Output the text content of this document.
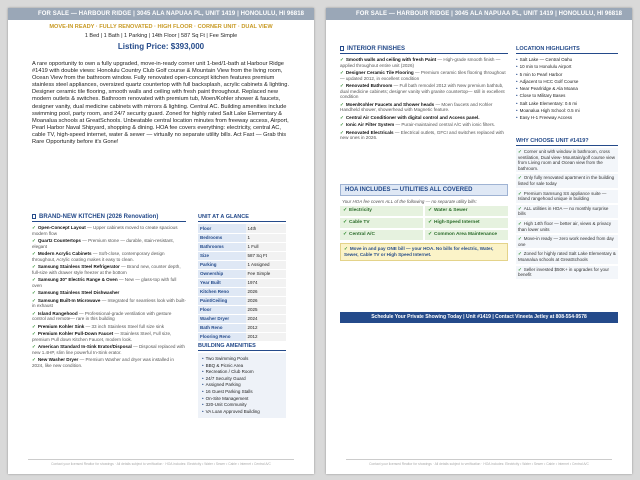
FOR SALE — HARBOUR RIDGE | 3045 ALA NAPUAA PL, UNIT 1419 | HONOLULU, HI 96818
MOVE-IN READY · FULLY RENOVATED · HIGH FLOOR · CORNER UNIT · DUAL VIEW
1 Bed | 1 Bath | 1 Parking | 14th Floor | 587 Sq Ft | Fee Simple
Listing Price: $393,000
A rare opportunity to own a fully upgraded, move-in-ready corner unit 1-bed/1-bath at Harbour Ridge #1419 with double views: Honolulu Country Club Golf course & Mountain View from the living room, Ocean View from the bathroom window. Fully renovated open-concept kitchen features premium stainless steel appliances, oversized quartz countertop with full backsplash, acrylic cabinets & lighting. Designer ceramic tile flooring, smooth walls and ceiling with fresh paint throughout. Replaced new modern outlets & switches. Bathroom renovated with premium tub, Moen/Kohler shower & faucets, designer vanity, dual medicine cabinets with mirrors & lighting. Central AC. Building amenities include swimming pool, party room, and 24/7 security guard. Zoned for highly rated Salt Lake Elementary & Moanalua schools at GreatSchools. Unbeatable central location minutes from freeway access, Airport, Pearl Harbor Naval Shipyard, shopping & dining. HOA fee covers everything: electricity, central AC, cable TV, high-speed internet, water & sewer — virtually no separate utility bills. Act Fast — Grab this Rare Opportunity before it's Gone!
BRAND-NEW KITCHEN (2026 Renovation)
✓ Open-Concept Layout — Upper cabinets moved to create spacious modern flow
✓ Quartz Countertops — Premium stone — durable, stain-resistant, elegant
✓ Modern Acrylic Cabinets — Soft-close, contemporary design throughout, Acrylic coating makes it easy to clean.
✓ Samsung Stainless Steel Refrigerator — Brand new, counter depth, full-size with drawer style freezer at the bottom
✓ Samsung 30" Electric Range & Oven — New — glass-top with full oven
✓ Samsung Stainless Steel Dishwasher
✓ Samsung Built-In Microwave — Integrated for seamless look with built-in exhaust
✓ Island Rangehood — Professional-grade ventilation with gesture control and remote— rare in this building
✓ Premium Kohler Sink — 33 inch Stainless Steel full size sink
✓ Premium Kohler Pull-Down Faucet — Stainless Steel, Full size, premium Pull down Kitchen Faucet, modern look.
✓ American Standard In-Sink Erator/Disposal — Disposal replaced with new 1.4HP, slim line powerful In-Sink erator.
✓ New Washer Dryer — Premium Washer and dryer was installed in 2024, like new condition.
UNIT AT A GLANCE
Floor	14th
Bedrooms	1
Bathrooms	1 Full
Size	587 Sq Ft
Parking	1 Assigned
Ownership	Fee Simple
Year Built	1974
Kitchen Reno	2026
Paint/Ceiling	2026
Floor	2025
Washer Dryer	2024
Bath Reno	2012
Flooring Reno	2012
BUILDING AMENITIES
• Two Swimming Pools
• BBQ & Picnic Area
• Recreation / Club Room
• 24/7 Security Guard
• Assigned Parking
• 16 Guest Parking Stalls
• On-Site Management
• 320-Unit Community
• VA Loan Approved Building
Contact your licensed Realtor for showings · All details subject to verification · HOA includes: Electricity • Water • Sewer • Cable • Internet • Central A/C
FOR SALE — HARBOUR RIDGE | 3045 ALA NAPUAA PL, UNIT 1419 | HONOLULU, HI 96818
INTERIOR FINISHES
✓ Smooth walls and ceiling with fresh Paint — High-grade smooth finish — applied throughout entire unit (2026)
✓ Designer Ceramic Tile Flooring — Premium ceramic tiles flooring throughout — updated 2012, in excellent condition
✓ Renovated Bathroom — Full bath remodel 2012 with New premium bathtub, dual medicine cabinets; designer vanity with granite countertop— still in excellent condition
✓ Moen/Kohler Faucets and Shower heads — Moen faucets and Kohler Handheld shower, showerhead with Magnetic feature.
✓ Central Air Conditioner with digital control and Access panel.
✓ Ionic Air Filter System — Purair-maintained central A/C with ionic filters.
✓ Renovated Electricals — Electrical outlets, GFCI and switches replaced with new ones in 2026.
HOA INCLUDES — UTILITIES ALL COVERED
Your HOA fee covers ALL of the following — no separate utility bills:
✓ Electricity	✓ Water & Sewer
✓ Cable TV	✓ High-Speed Internet
✓ Central A/C	✓ Common Area Maintenance
✓ Move in and pay ONE bill — your HOA. No bills for electric, Water, Sewer, Cable TV or High Speed Internet.
LOCATION HIGHLIGHTS
• Salt Lake — Central Oahu
• 10 min to Honolulu Airport
• 5 min to Pearl Harbor
• Adjacent to HCC Golf Course
• Near Pearlridge & Ala Moana
• Close to Military Bases
• Salt Lake Elementary: 0.6 mi
• Moanalua High School: 0.5 mi
• Easy H-1 Freeway Access
WHY CHOOSE UNIT #1419?
✓ Corner unit with window in bathroom, cross ventilation, Dual view- Mountain/golf course view from Living room and Ocean view from the bathroom.
✓ Only fully renovated apartment in the building listed for sale today
✓ Premium Samsung SS appliance suite — Island rangehood unique in building
✓ ALL utilities in HOA — no monthly surprise bills
✓ High 14th floor — better air, views & privacy than lower units
✓ Move-in ready — zero work needed from day one
✓ Zoned for highly rated Salt Lake Elementary & Moanalua schools at GreatSchools
✓ Seller invested $50K+ in upgrades for your benefit
Schedule Your Private Showing Today | Unit #1419 | Contact Vineeta Jetley at 808-554-9578
Contact your licensed Realtor for showings · All details subject to verification · HOA includes: Electricity • Water • Sewer • Cable • Internet • Central A/C
